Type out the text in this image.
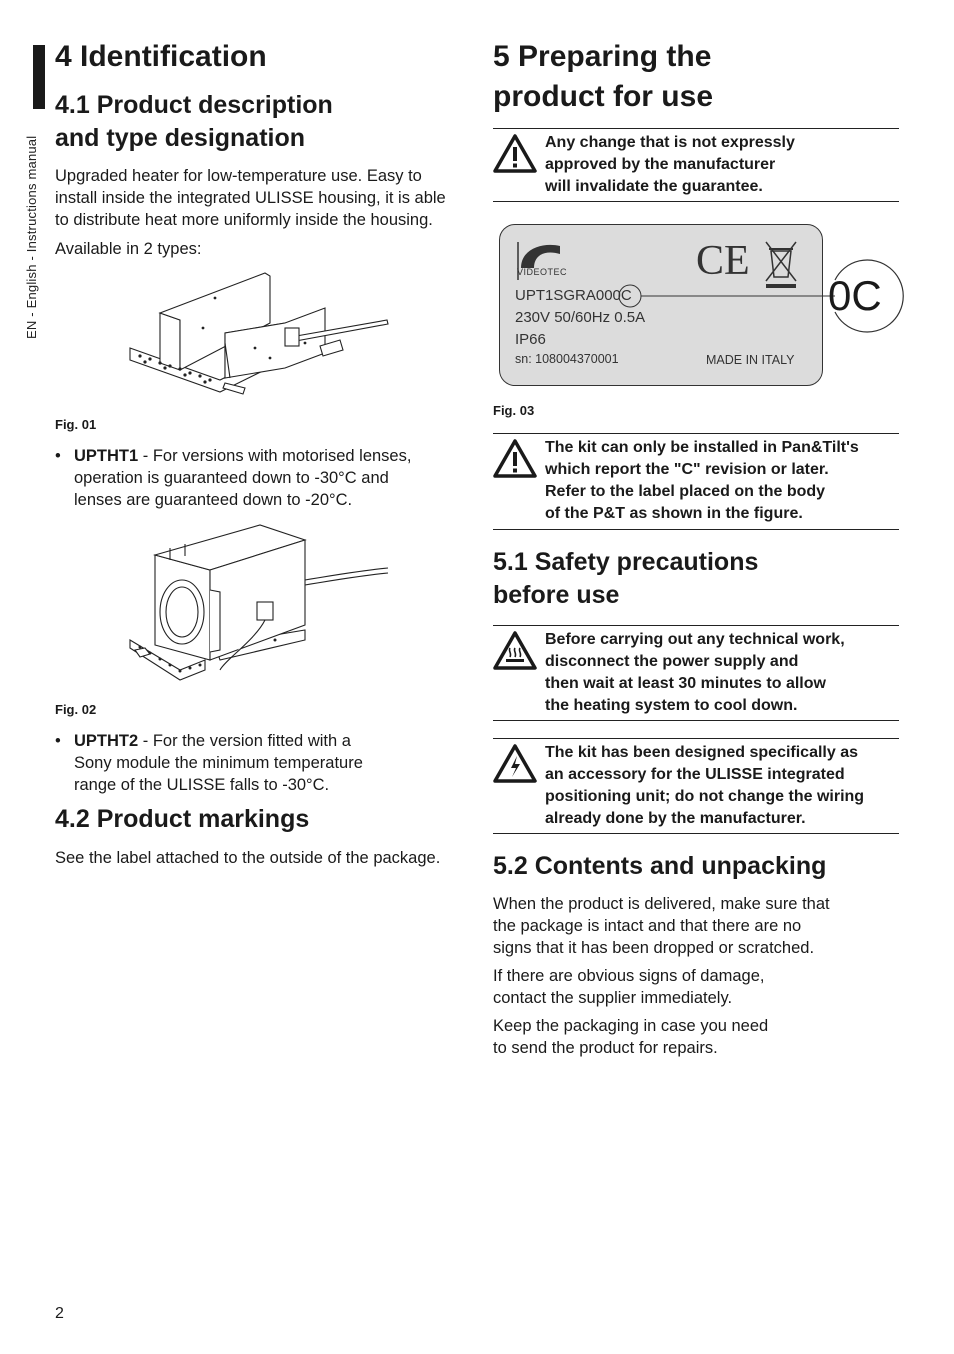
EN - English - Instructions manual
4 Identification
4.1 Product description
and type designation
Upgraded heater for low-temperature use. Easy to
install inside the integrated ULISSE housing, it is able
to distribute heat more uniformly inside the housing.
Available in 2 types:
Fig. 01
• UPTHT1 - For versions with motorised lenses,
operation is guaranteed down to -30°C and
lenses are guaranteed down to -20°C.
Fig. 02
• UPTHT2 - For the version fitted with a
Sony module the minimum temperature
range of the ULISSE falls to -30°C.
4.2 Product markings
See the label attached to the outside of the package.
5 Preparing the
product for use
Any change that is not expressly
approved by the manufacturer
will invalidate the guarantee.
VIDEOTEC	CE
UPT1SGRA000C
230V 50/60Hz 0.5A
IP66
sn: 108004370001	MADE IN ITALY
0C
Fig. 03
The kit can only be installed in Pan&Tilt's
which report the "C" revision or later.
Refer to the label placed on the body
of the P&T as shown in the figure.
5.1 Safety precautions
before use
Before carrying out any technical work,
disconnect the power supply and
then wait at least 30 minutes to allow
the heating system to cool down.
The kit has been designed specifically as
an accessory for the ULISSE integrated
positioning unit; do not change the wiring
already done by the manufacturer.
5.2 Contents and unpacking
When the product is delivered, make sure that
the package is intact and that there are no
signs that it has been dropped or scratched.
If there are obvious signs of damage,
contact the supplier immediately.
Keep the packaging in case you need
to send the product for repairs.
2
